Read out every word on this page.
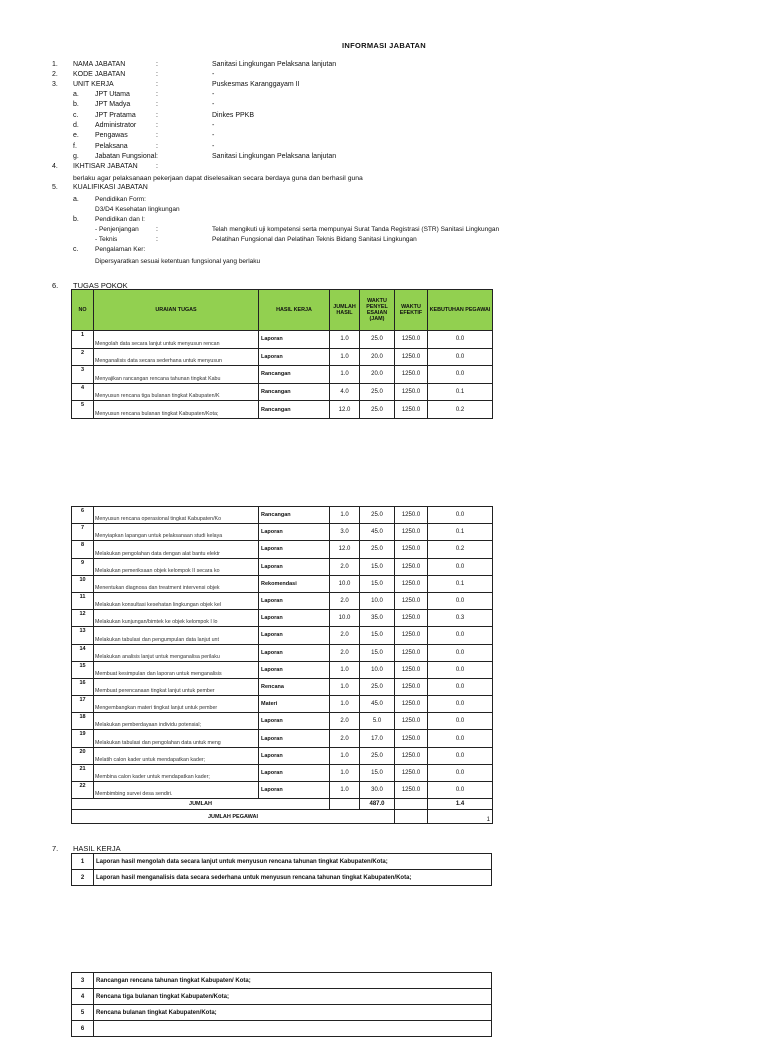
INFORMASI JABATAN
1. NAMA JABATAN	:	Sanitasi Lingkungan Pelaksana lanjutan
2. KODE JABATAN	:	-
3. UNIT KERJA	:	Puskesmas Karanggayam II
a. JPT Utama	:	-
b. JPT Madya	:	-
c. JPT Pratama	:	Dinkes PPKB
d. Administrator	:	-
e. Pengawas	:	-
f.	Pelaksana	:	-
g. Jabatan Fungsional :	Sanitasi Lingkungan Pelaksana lanjutan
4. IKHTISAR JABATAN	:
berlaku agar pelaksanaan pekerjaan dapat diselesaikan secara berdaya guna dan berhasil guna
5. KUALIFIKASI JABATAN
a. Pendidikan Form:
D3/D4 Kesehatan lingkungan
b. Pendidikan dan l:
- Penjenjangan :	Telah mengikuti uji kompetensi serta mempunyai Surat Tanda Registrasi (STR) Sanitasi Lingkungan
- Teknis	:	Pelatihan Fungsional dan Pelatihan Teknis Bidang Sanitasi Lingkungan
c.	Pengalaman Ker:
Dipersyaratkan sesuai ketentuan fungsional yang berlaku
6. TUGAS POKOK
NO	URAIAN TUGAS	HASIL KERJA	JUMLAH HASIL	WAKTU PENYEL ESAIAN (JAM)	WAKTU EFEKTIF	KEBUTUHAN PEGAWAI
1	Mengolah data secara lanjut untuk menyusun rencan	Laporan	1.0	25.0	1250.0	0.0
2	Menganalisis data secara sederhana untuk menyusun	Laporan	1.0	20.0	1250.0	0.0
3	Menyajikan rancangan rencana tahunan tingkat Kabu	Rancangan	1.0	20.0	1250.0	0.0
4	Menyusun rencana tiga bulanan tingkat Kabupaten/K	Rancangan	4.0	25.0	1250.0	0.1
5	Menyusun rencana bulanan tingkat Kabupaten/Kota;	Rancangan	12.0	25.0	1250.0	0.2
6	Menyusun rencana operasional tingkat Kabupaten/Ko	Rancangan	1.0	25.0	1250.0	0.0
7	Menyiapkan lapangan untuk pelaksanaan studi kelaya	Laporan	3.0	45.0	1250.0	0.1
8	Melakukan pengolahan data dengan alat bantu elektr	Laporan	12.0	25.0	1250.0	0.2
9	Melakukan pemeriksaan objek kelompok II secara ko	Laporan	2.0	15.0	1250.0	0.0
10	Menentukan diagnosa dan treatment intervensi objek	Rekomendasi	10.0	15.0	1250.0	0.1
11	Melakukan konsultasi kesehatan lingkungan objek kel	Laporan	2.0	10.0	1250.0	0.0
12	Melakukan kunjungan/bimtek ke objek kelompok I lo	Laporan	10.0	35.0	1250.0	0.3
13	Melakukan tabulasi dan pengumpulan data lanjut unt	Laporan	2.0	15.0	1250.0	0.0
14	Melakukan analisis lanjut untuk menganalisa perilaku	Laporan	2.0	15.0	1250.0	0.0
15	Membuat kesimpulan dan laporan untuk menganalisis	Laporan	1.0	10.0	1250.0	0.0
16	Membuat perencanaan tingkat lanjut untuk pember	Rencana	1.0	25.0	1250.0	0.0
17	Mengembangkan materi tingkat lanjut untuk pember	Materi	1.0	45.0	1250.0	0.0
18	Melakukan pemberdayaan individu potensial;	Laporan	2.0	5.0	1250.0	0.0
19	Melakukan tabulasi dan pengolahan data untuk meng	Laporan	2.0	17.0	1250.0	0.0
20	Melatih calon kader untuk mendapatkan kader;	Laporan	1.0	25.0	1250.0	0.0
21	Membina calon kader untuk mendapatkan kader;	Laporan	1.0	15.0	1250.0	0.0
22	Membimbing survei desa sendiri.	Laporan	1.0	30.0	1250.0	0.0
JUMLAH				487.0		1.4
JUMLAH PEGAWAI						1
7. HASIL KERJA
1	Laporan hasil mengolah data secara lanjut untuk menyusun rencana tahunan tingkat Kabupaten/Kota;
2	Laporan hasil menganalisis data secara sederhana untuk menyusun rencana tahunan tingkat Kabupaten/Kota;
3	Rancangan rencana tahunan tingkat Kabupaten/ Kota;
4	Rencana tiga bulanan tingkat Kabupaten/Kota;
5	Rencana bulanan tingkat Kabupaten/Kota;
6	
